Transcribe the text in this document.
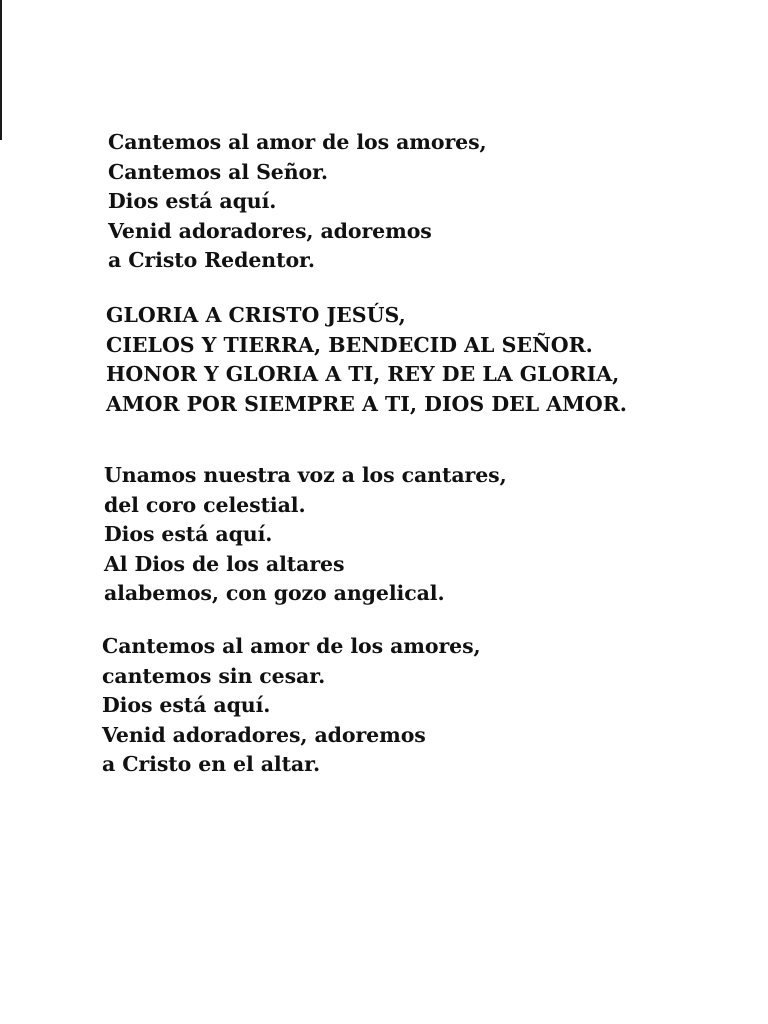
Cantemos al amor de los amores,
Cantemos al Señor.
Dios está aquí.
Venid adoradores, adoremos
a Cristo Redentor.
GLORIA A CRISTO JESÚS,
CIELOS Y TIERRA, BENDECID AL SEÑOR.
HONOR Y GLORIA A TI, REY DE LA GLORIA,
AMOR POR SIEMPRE A TI, DIOS DEL AMOR.
Unamos nuestra voz a los cantares,
del coro celestial.
Dios está aquí.
Al Dios de los altares
alabemos, con gozo angelical.
Cantemos al amor de los amores,
cantemos sin cesar.
Dios está aquí.
Venid adoradores, adoremos
a Cristo en el altar.
